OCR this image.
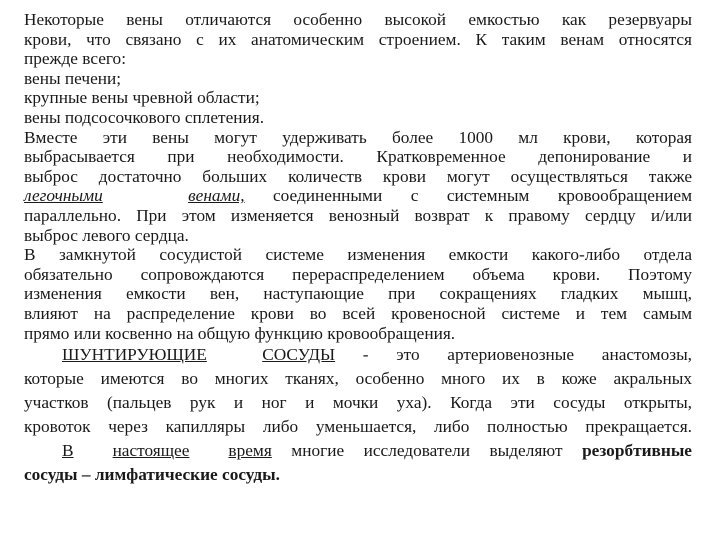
Некоторые вены отличаются особенно высокой емкостью как резервуары
крови, что связано с их анатомическим строением. К таким венам относятся
прежде всего:
вены печени;
крупные вены чревной области;
вены подсосочкового сплетения.
Вместе эти вены могут удерживать более 1000 мл крови, которая
выбрасывается при необходимости. Кратковременное депонирование и
выброс достаточно больших количеств крови могут осуществляться также
легочными	венами, соединенными с системным кровообращением
параллельно. При этом изменяется венозный возврат к правому сердцу и/или
выброс левого сердца.
В замкнутой сосудистой системе изменения емкости какого-либо отдела
обязательно сопровождаются перераспределением объема крови. Поэтому
изменения емкости вен, наступающие при сокращениях гладких мышц,
влияют на распределение крови во всей кровеносной системе и тем самым
прямо или косвенно на общую функцию кровообращения.
ШУНТИРУЮЩИЕ	СОСУДЫ - это артериовенозные анастомозы,
которые имеются во многих тканях, особенно много их в коже акральных
участков (пальцев рук и ног и мочки уха). Когда эти сосуды открыты,
кровоток через капилляры либо уменьшается, либо полностью прекращается.
В настоящее время многие исследователи выделяют резорбтивные
сосуды – лимфатические сосуды.
